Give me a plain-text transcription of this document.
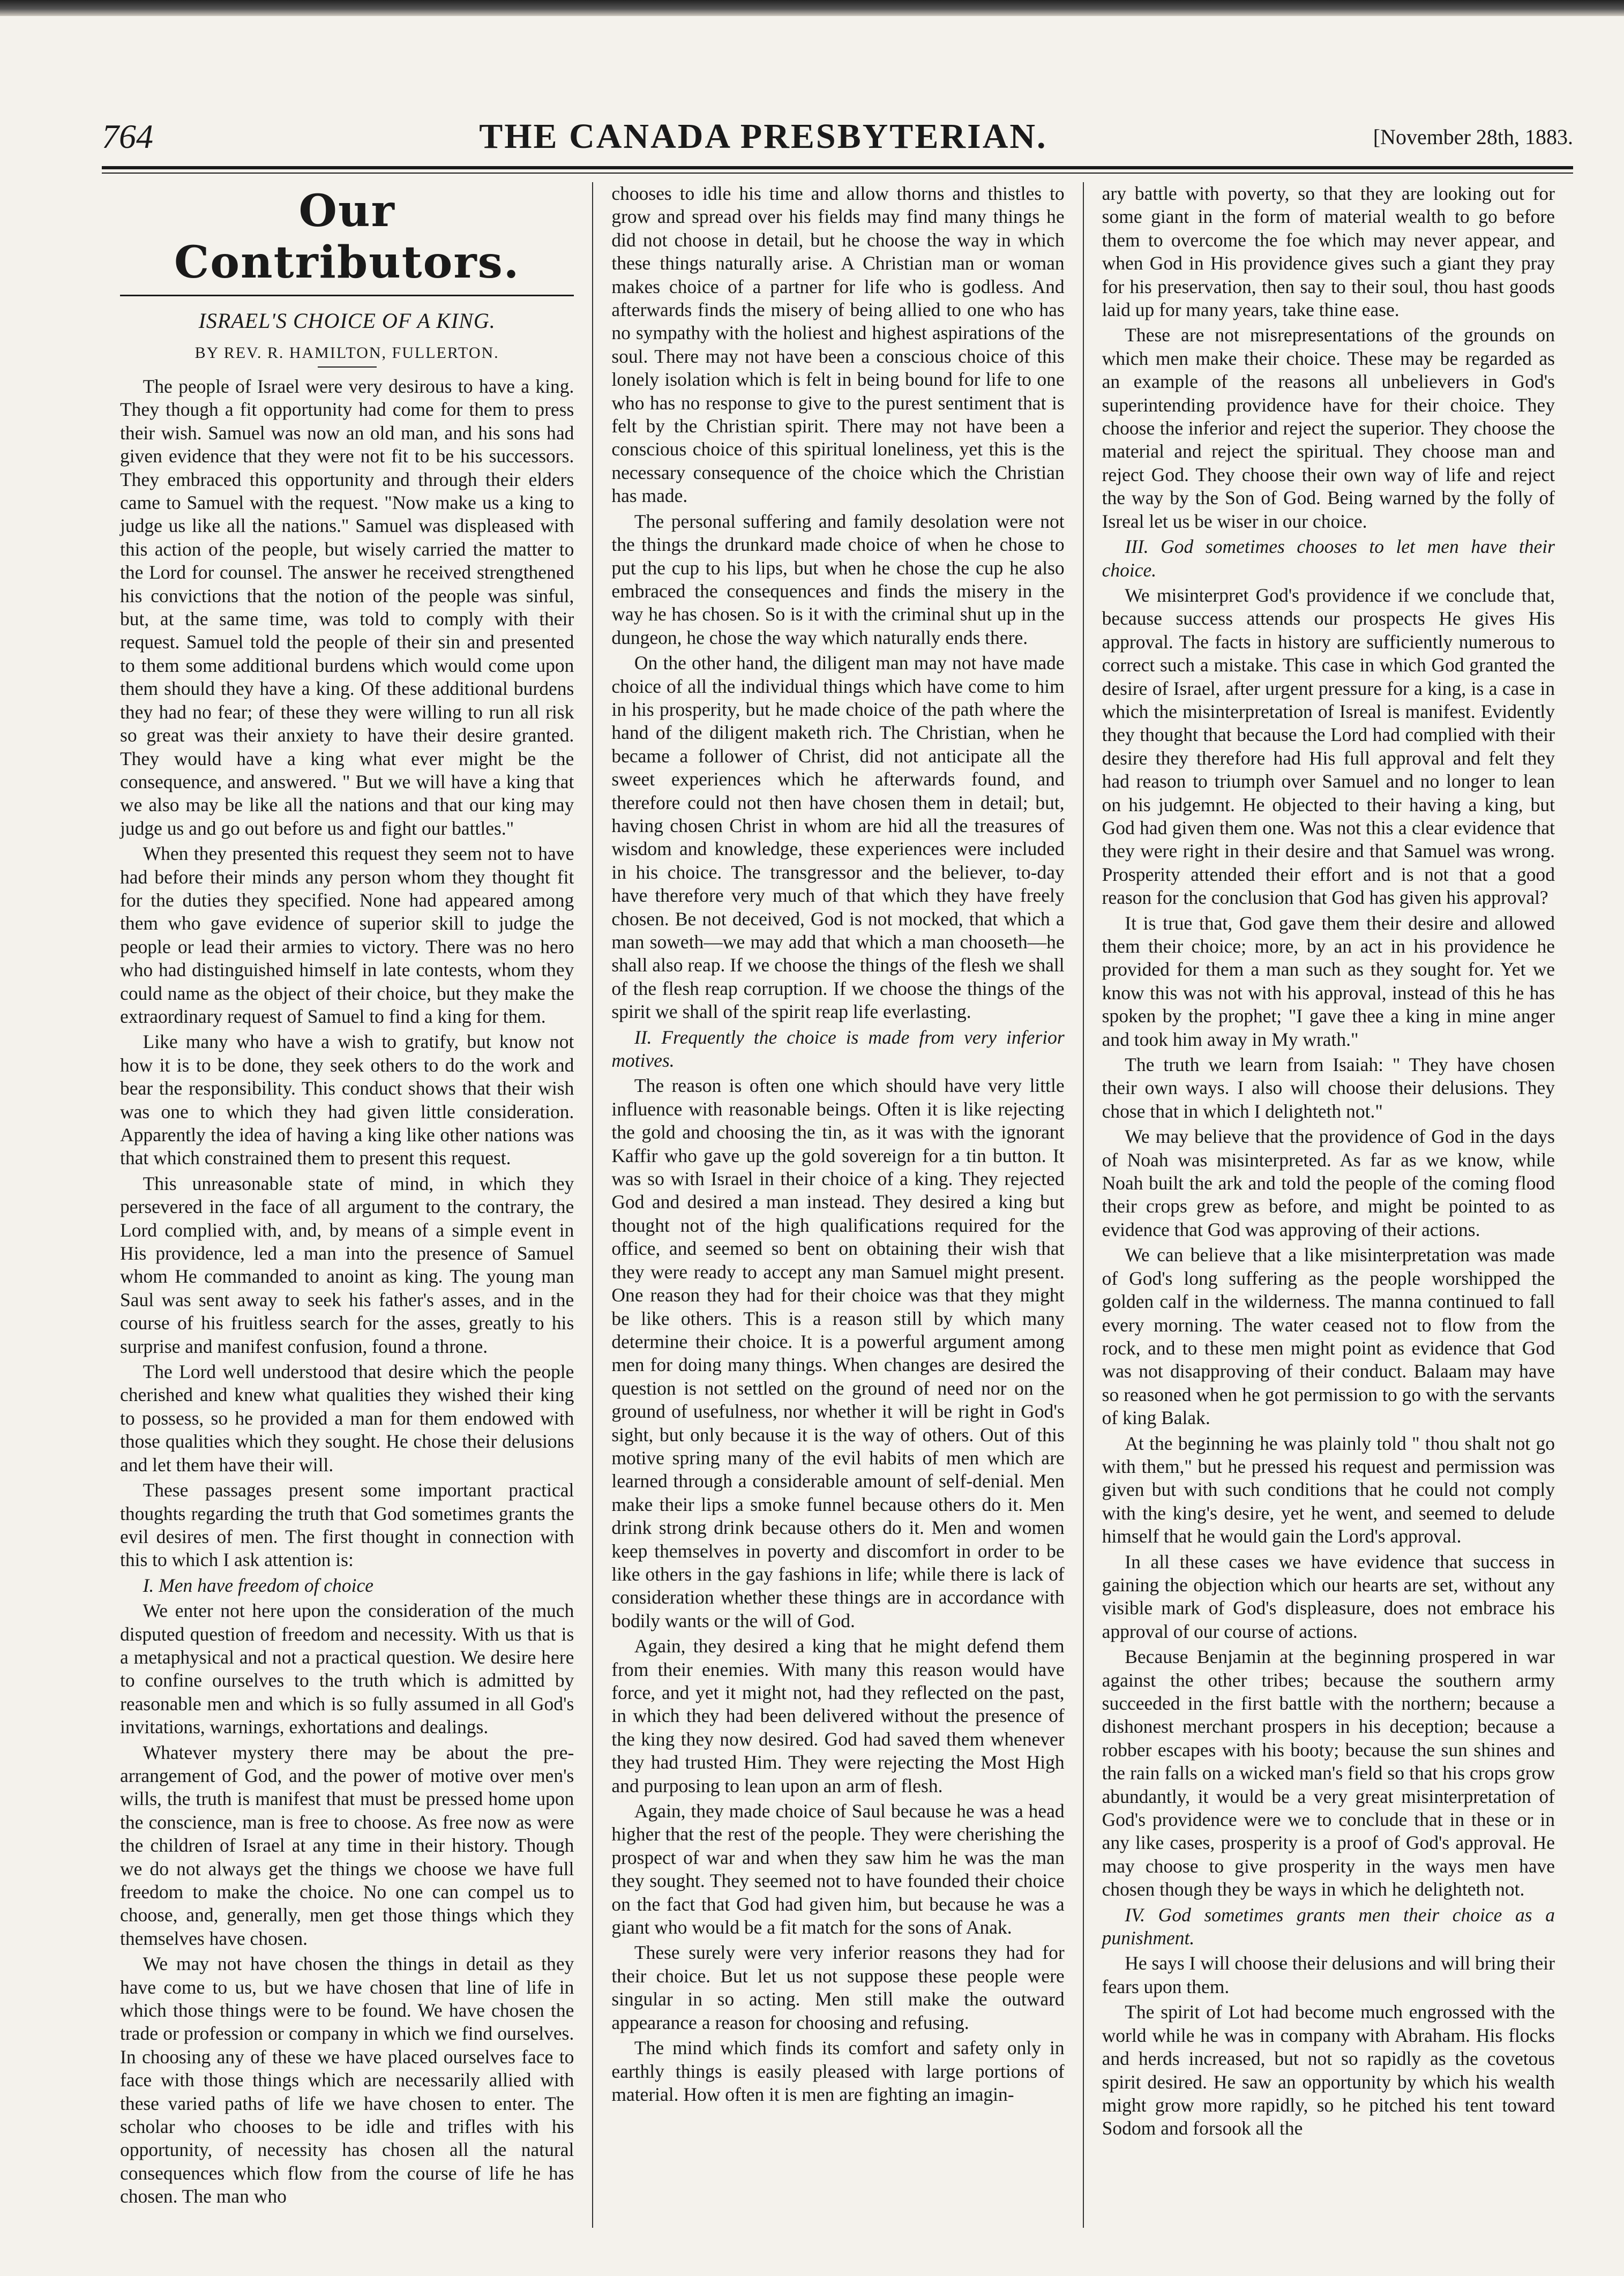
764	THE CANADA PRESBYTERIAN.	[November 28th, 1883.
Our Contributors.
ISRAEL'S CHOICE OF A KING.
BY REV. R. HAMILTON, FULLERTON.

The people of Israel were very desirous to have a king. They though a fit opportunity had come for them to press their wish. Samuel was now an old man, and his sons had given evidence that they were not fit to be his successors. They embraced this opportunity and through their elders came to Samuel with the request. "Now make us a king to judge us like all the nations." Samuel was displeased with this action of the people, but wisely carried the matter to the Lord for counsel. The answer he received strengthened his convictions that the notion of the people was sinful, but, at the same time, was told to comply with their request. Samuel told the people of their sin and presented to them some additional burdens which would come upon them should they have a king. Of these additional burdens they had no fear; of these they were willing to run all risk so great was their anxiety to have their desire granted. They would have a king what ever might be the consequence, and answered. " But we will have a king that we also may be like all the nations and that our king may judge us and go out before us and fight our battles."

When they presented this request they seem not to have had before their minds any person whom they thought fit for the duties they specified. None had appeared among them who gave evidence of superior skill to judge the people or lead their armies to victory. There was no hero who had distinguished himself in late contests, whom they could name as the object of their choice, but they make the extraordinary request of Samuel to find a king for them.

Like many who have a wish to gratify, but know not how it is to be done, they seek others to do the work and bear the responsibility. This conduct shows that their wish was one to which they had given little consideration. Apparently the idea of having a king like other nations was that which constrained them to present this request.

This unreasonable state of mind, in which they persevered in the face of all argument to the contrary, the Lord complied with, and, by means of a simple event in His providence, led a man into the presence of Samuel whom He commanded to anoint as king. The young man Saul was sent away to seek his father's asses, and in the course of his fruitless search for the asses, greatly to his surprise and manifest confusion, found a throne.

The Lord well understood that desire which the people cherished and knew what qualities they wished their king to possess, so he provided a man for them endowed with those qualities which they sought. He chose their delusions and let them have their will.

These passages present some important practical thoughts regarding the truth that God sometimes grants the evil desires of men. The first thought in connection with this to which I ask attention is:

I. Men have freedom of choice

We enter not here upon the consideration of the much disputed question of freedom and necessity. With us that is a metaphysical and not a practical question. We desire here to confine ourselves to the truth which is admitted by reasonable men and which is so fully assumed in all God's invitations, warnings, exhortations and dealings.

Whatever mystery there may be about the pre-arrangement of God, and the power of motive over men's wills, the truth is manifest that must be pressed home upon the conscience, man is free to choose. As free now as were the children of Israel at any time in their history. Though we do not always get the things we choose we have full freedom to make the choice. No one can compel us to choose, and, generally, men get those things which they themselves have chosen.

We may not have chosen the things in detail as they have come to us, but we have chosen that line of life in which those things were to be found. We have chosen the trade or profession or company in which we find ourselves. In choosing any of these we have placed ourselves face to face with those things which are necessarily allied with these varied paths of life we have chosen to enter. The scholar who chooses to be idle and trifles with his opportunity, of necessity has chosen all the natural consequences which flow from the course of life he has chosen. The man who

chooses to idle his time and allow thorns and thistles to grow and spread over his fields may find many things he did not choose in detail, but he choose the way in which these things naturally arise. A Christian man or woman makes choice of a partner for life who is godless. And afterwards finds the misery of being allied to one who has no sympathy with the holiest and highest aspirations of the soul. There may not have been a conscious choice of this lonely isolation which is felt in being bound for life to one who has no response to give to the purest sentiment that is felt by the Christian spirit. There may not have been a conscious choice of this spiritual loneliness, yet this is the necessary consequence of the choice which the Christian has made.

The personal suffering and family desolation were not the things the drunkard made choice of when he chose to put the cup to his lips, but when he chose the cup he also embraced the consequences and finds the misery in the way he has chosen. So is it with the criminal shut up in the dungeon, he chose the way which naturally ends there.

On the other hand, the diligent man may not have made choice of all the individual things which have come to him in his prosperity, but he made choice of the path where the hand of the diligent maketh rich. The Christian, when he became a follower of Christ, did not anticipate all the sweet experiences which he afterwards found, and therefore could not then have chosen them in detail; but, having chosen Christ in whom are hid all the treasures of wisdom and knowledge, these experiences were included in his choice. The transgressor and the believer, to-day have therefore very much of that which they have freely chosen. Be not deceived, God is not mocked, that which a man soweth—we may add that which a man chooseth—he shall also reap. If we choose the things of the flesh we shall of the flesh reap corruption. If we choose the things of the spirit we shall of the spirit reap life everlasting.

II. Frequently the choice is made from very inferior motives.

The reason is often one which should have very little influence with reasonable beings. Often it is like rejecting the gold and choosing the tin, as it was with the ignorant Kaffir who gave up the gold sovereign for a tin button. It was so with Israel in their choice of a king. They rejected God and desired a man instead. They desired a king but thought not of the high qualifications required for the office, and seemed so bent on obtaining their wish that they were ready to accept any man Samuel might present. One reason they had for their choice was that they might be like others. This is a reason still by which many determine their choice. It is a powerful argument among men for doing many things. When changes are desired the question is not settled on the ground of need nor on the ground of usefulness, nor whether it will be right in God's sight, but only because it is the way of others. Out of this motive spring many of the evil habits of men which are learned through a considerable amount of self-denial. Men make their lips a smoke funnel because others do it. Men drink strong drink because others do it. Men and women keep themselves in poverty and discomfort in order to be like others in the gay fashions in life; while there is lack of consideration whether these things are in accordance with bodily wants or the will of God.

Again, they desired a king that he might defend them from their enemies. With many this reason would have force, and yet it might not, had they reflected on the past, in which they had been delivered without the presence of the king they now desired. God had saved them whenever they had trusted Him. They were rejecting the Most High and purposing to lean upon an arm of flesh.

Again, they made choice of Saul because he was a head higher that the rest of the people. They were cherishing the prospect of war and when they saw him he was the man they sought. They seemed not to have founded their choice on the fact that God had given him, but because he was a giant who would be a fit match for the sons of Anak.

These surely were very inferior reasons they had for their choice. But let us not suppose these people were singular in so acting. Men still make the outward appearance a reason for choosing and refusing.

The mind which finds its comfort and safety only in earthly things is easily pleased with large portions of material. How often it is men are fighting an imagin-

ary battle with poverty, so that they are looking out for some giant in the form of material wealth to go before them to overcome the foe which may never appear, and when God in His providence gives such a giant they pray for his preservation, then say to their soul, thou hast goods laid up for many years, take thine ease.

These are not misrepresentations of the grounds on which men make their choice. These may be regarded as an example of the reasons all unbelievers in God's superintending providence have for their choice. They choose the inferior and reject the superior. They choose the material and reject the spiritual. They choose man and reject God. They choose their own way of life and reject the way by the Son of God. Being warned by the folly of Isreal let us be wiser in our choice.

III. God sometimes chooses to let men have their choice.

We misinterpret God's providence if we conclude that, because success attends our prospects He gives His approval. The facts in history are sufficiently numerous to correct such a mistake. This case in which God granted the desire of Israel, after urgent pressure for a king, is a case in which the misinterpretation of Isreal is manifest. Evidently they thought that because the Lord had complied with their desire they therefore had His full approval and felt they had reason to triumph over Samuel and no longer to lean on his judgemnt. He objected to their having a king, but God had given them one. Was not this a clear evidence that they were right in their desire and that Samuel was wrong. Prosperity attended their effort and is not that a good reason for the conclusion that God has given his approval?

It is true that, God gave them their desire and allowed them their choice; more, by an act in his providence he provided for them a man such as they sought for. Yet we know this was not with his approval, instead of this he has spoken by the prophet; "I gave thee a king in mine anger and took him away in My wrath."

The truth we learn from Isaiah: " They have chosen their own ways. I also will choose their delusions. They chose that in which I delighteth not."

We may believe that the providence of God in the days of Noah was misinterpreted. As far as we know, while Noah built the ark and told the people of the coming flood their crops grew as before, and might be pointed to as evidence that God was approving of their actions.

We can believe that a like misinterpretation was made of God's long suffering as the people worshipped the golden calf in the wilderness. The manna continued to fall every morning. The water ceased not to flow from the rock, and to these men might point as evidence that God was not disapproving of their conduct. Balaam may have so reasoned when he got permission to go with the servants of king Balak.

At the beginning he was plainly told " thou shalt not go with them," but he pressed his request and permission was given but with such conditions that he could not comply with the king's desire, yet he went, and seemed to delude himself that he would gain the Lord's approval.

In all these cases we have evidence that success in gaining the objection which our hearts are set, without any visible mark of God's displeasure, does not embrace his approval of our course of actions.

Because Benjamin at the beginning prospered in war against the other tribes; because the southern army succeeded in the first battle with the northern; because a dishonest merchant prospers in his deception; because a robber escapes with his booty; because the sun shines and the rain falls on a wicked man's field so that his crops grow abundantly, it would be a very great misinterpretation of God's providence were we to conclude that in these or in any like cases, prosperity is a proof of God's approval. He may choose to give prosperity in the ways men have chosen though they be ways in which he delighteth not.

IV. God sometimes grants men their choice as a punishment.

He says I will choose their delusions and will bring their fears upon them.

The spirit of Lot had become much engrossed with the world while he was in company with Abraham. His flocks and herds increased, but not so rapidly as the covetous spirit desired. He saw an opportunity by which his wealth might grow more rapidly, so he pitched his tent toward Sodom and forsook all the
